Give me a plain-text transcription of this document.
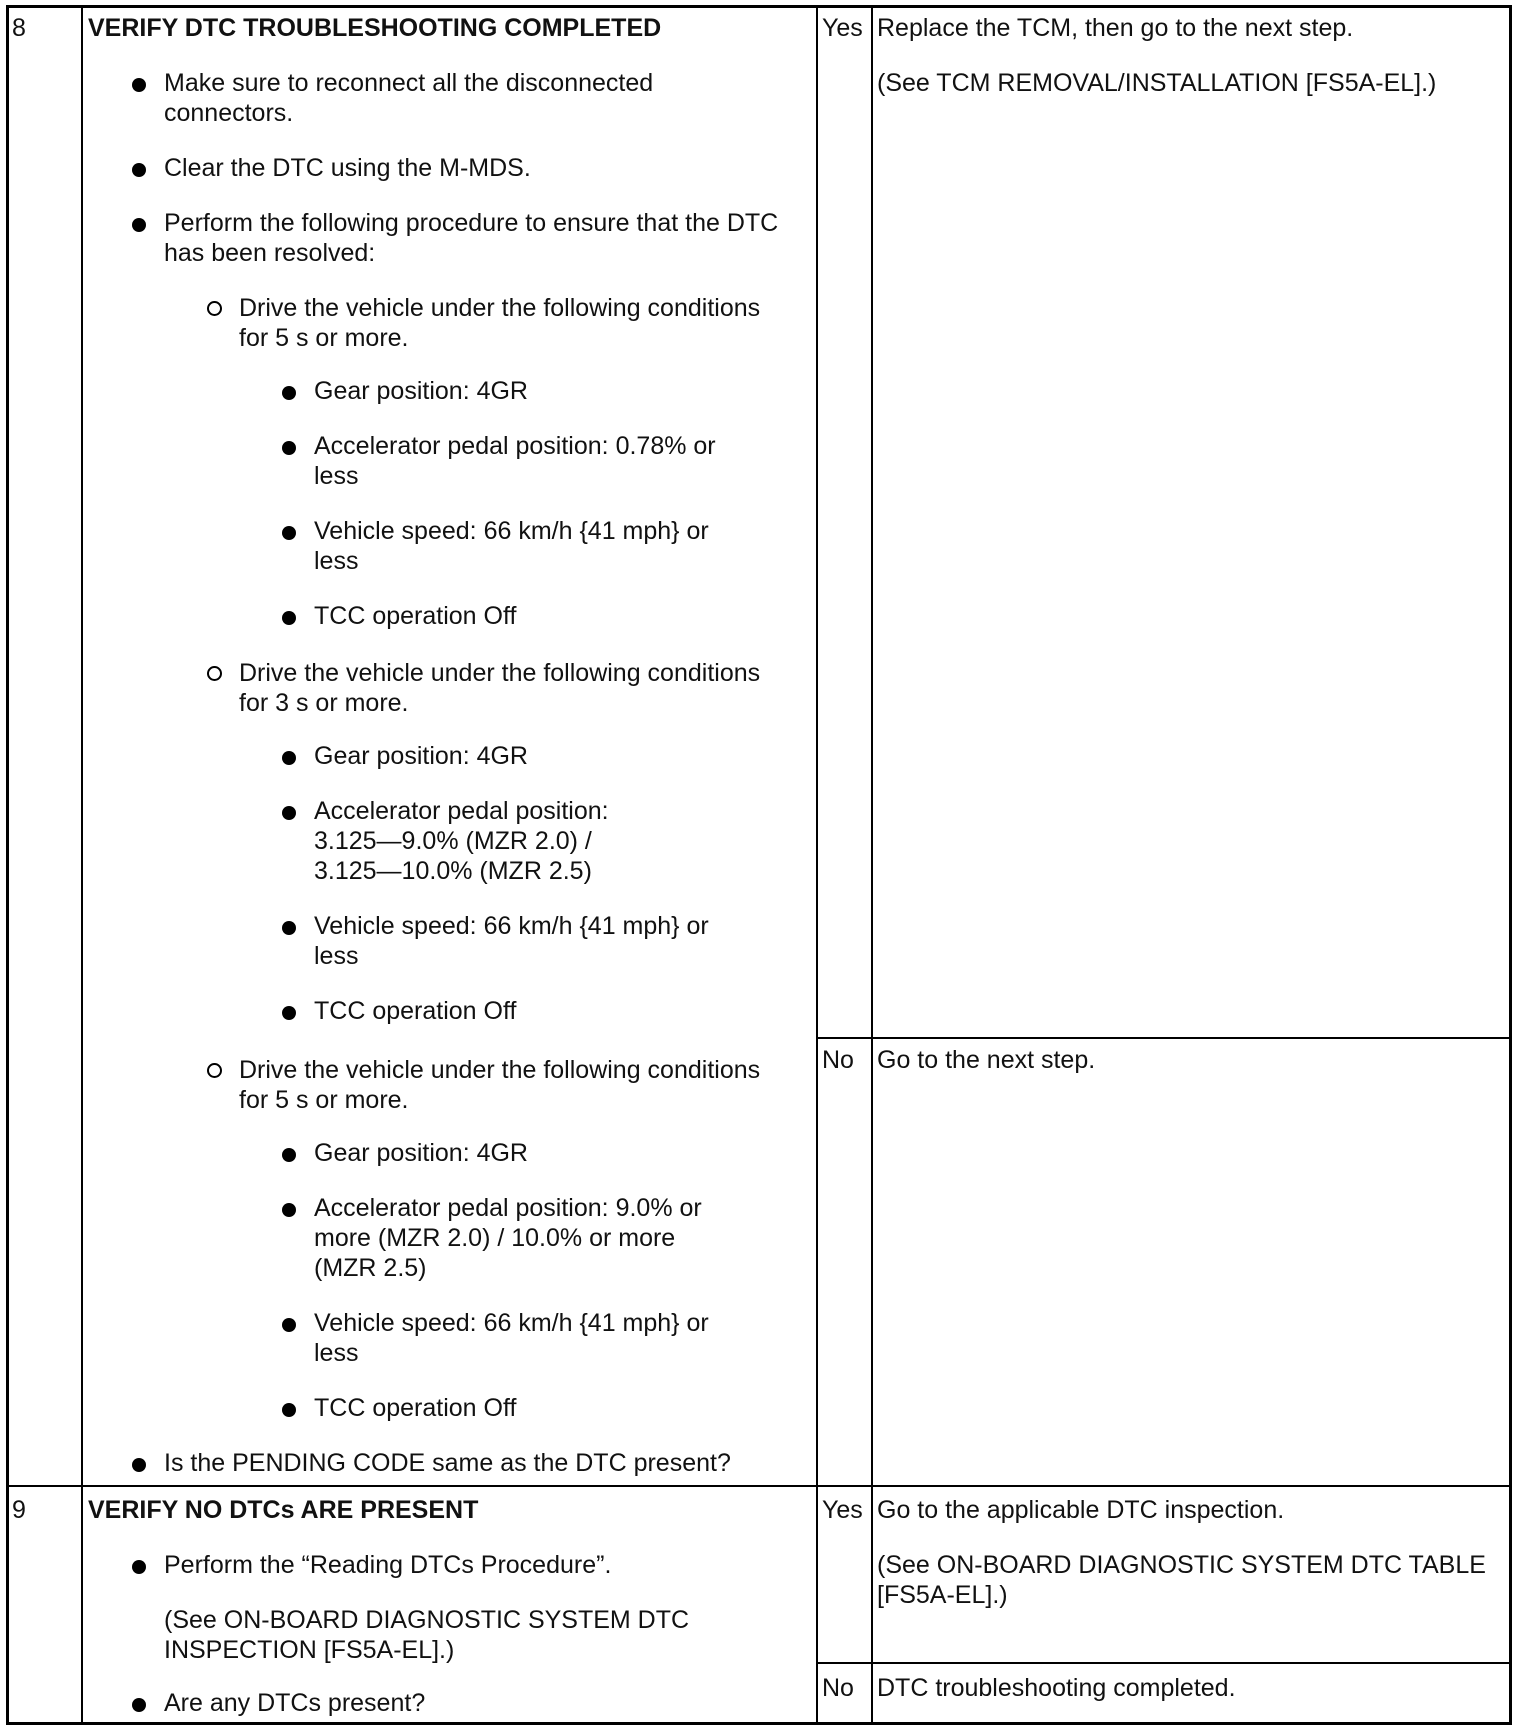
8 VERIFY DTC TROUBLESHOOTING COMPLETED
Make sure to reconnect all the disconnected
connectors.
Clear the DTC using the M-MDS.
Perform the following procedure to ensure that the DTC
has been resolved:
Drive the vehicle under the following conditions
for 5 s or more.
Gear position: 4GR
Accelerator pedal position: 0.78% or
less
Vehicle speed: 66 km/h {41 mph} or
less
TCC operation Off
Drive the vehicle under the following conditions
for 3 s or more.
Gear position: 4GR
Accelerator pedal position:
3.125—9.0% (MZR 2.0) /
3.125—10.0% (MZR 2.5)
Vehicle speed: 66 km/h {41 mph} or
less
TCC operation Off
Drive the vehicle under the following conditions
for 5 s or more.
Gear position: 4GR
Accelerator pedal position: 9.0% or
more (MZR 2.0) / 10.0% or more
(MZR 2.5)
Vehicle speed: 66 km/h {41 mph} or
less
TCC operation Off
Is the PENDING CODE same as the DTC present?
Yes Replace the TCM, then go to the next step.
(See TCM REMOVAL/INSTALLATION [FS5A-EL].)
No Go to the next step.
9 VERIFY NO DTCs ARE PRESENT
Perform the “Reading DTCs Procedure”.
(See ON-BOARD DIAGNOSTIC SYSTEM DTC
INSPECTION [FS5A-EL].)
Are any DTCs present?
Yes Go to the applicable DTC inspection.
(See ON-BOARD DIAGNOSTIC SYSTEM DTC TABLE
[FS5A-EL].)
No DTC troubleshooting completed.
